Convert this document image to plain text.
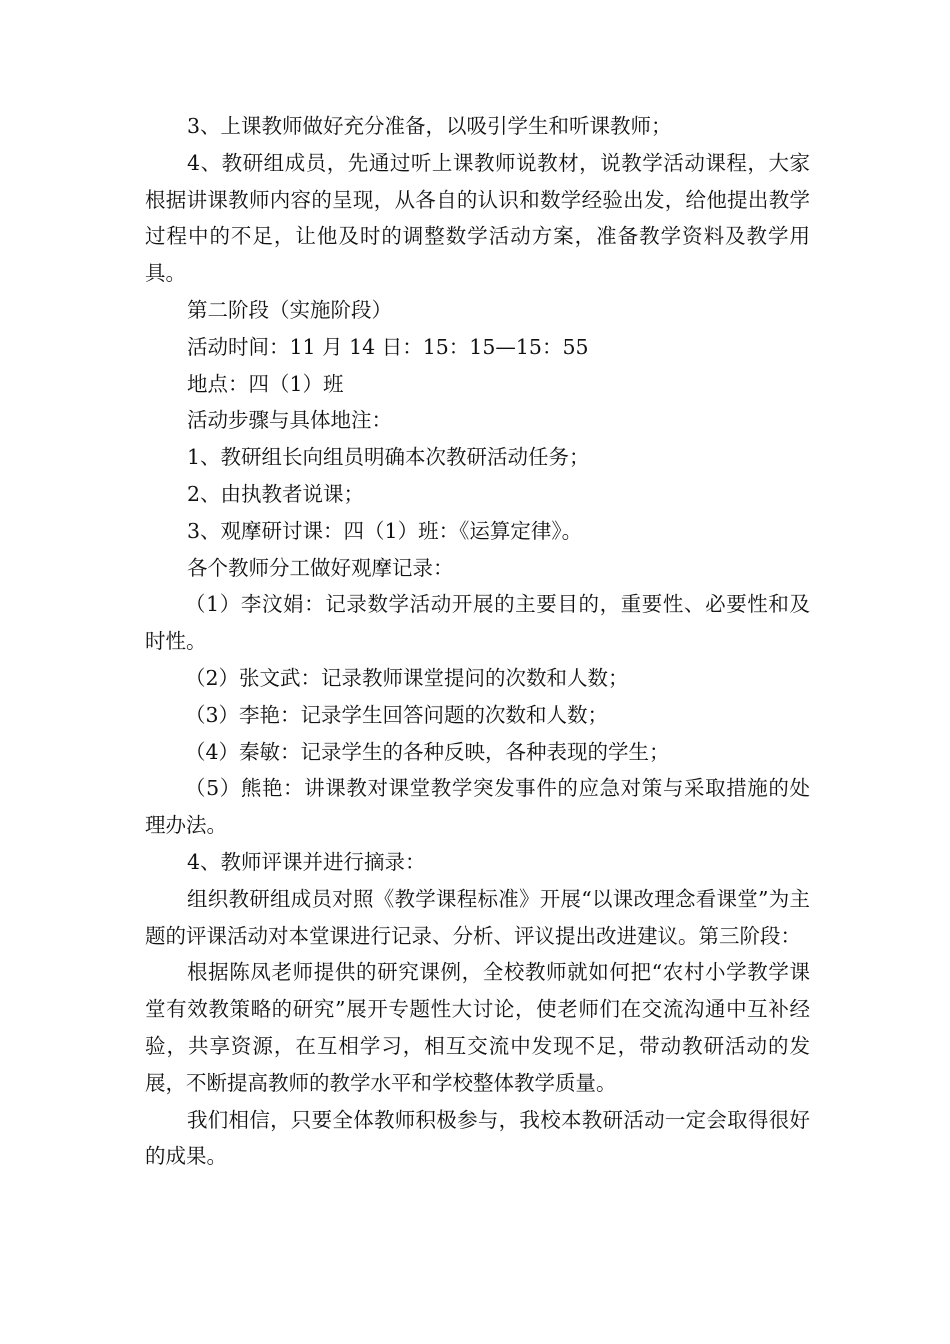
3、上课教师做好充分准备，以吸引学生和听课教师；

4、教研组成员，先通过听上课教师说教材，说教学活动课程，大家根据讲课教师内容的呈现，从各自的认识和数学经验出发，给他提出教学过程中的不足，让他及时的调整数学活动方案，准备教学资料及教学用具。

第二阶段（实施阶段）

活动时间：11 月 14 日：15：15—15：55

地点：四（1）班

活动步骤与具体地注：

1、教研组长向组员明确本次教研活动任务；

2、由执教者说课；

3、观摩研讨课：四（1）班：《运算定律》。

各个教师分工做好观摩记录：

（1）李汶娟：记录数学活动开展的主要目的，重要性、必要性和及时性。

（2）张文武：记录教师课堂提问的次数和人数；

（3）李艳：记录学生回答问题的次数和人数；

（4）秦敏：记录学生的各种反映，各种表现的学生；

（5）熊艳：讲课教对课堂教学突发事件的应急对策与采取措施的处理办法。

4、教师评课并进行摘录：

组织教研组成员对照《教学课程标准》开展“以课改理念看课堂”为主题的评课活动对本堂课进行记录、分析、评议提出改进建议。第三阶段：

根据陈凤老师提供的研究课例，全校教师就如何把“农村小学教学课堂有效教策略的研究”展开专题性大讨论，使老师们在交流沟通中互补经验，共享资源，在互相学习，相互交流中发现不足，带动教研活动的发展，不断提高教师的教学水平和学校整体教学质量。

我们相信，只要全体教师积极参与，我校本教研活动一定会取得很好的成果。
